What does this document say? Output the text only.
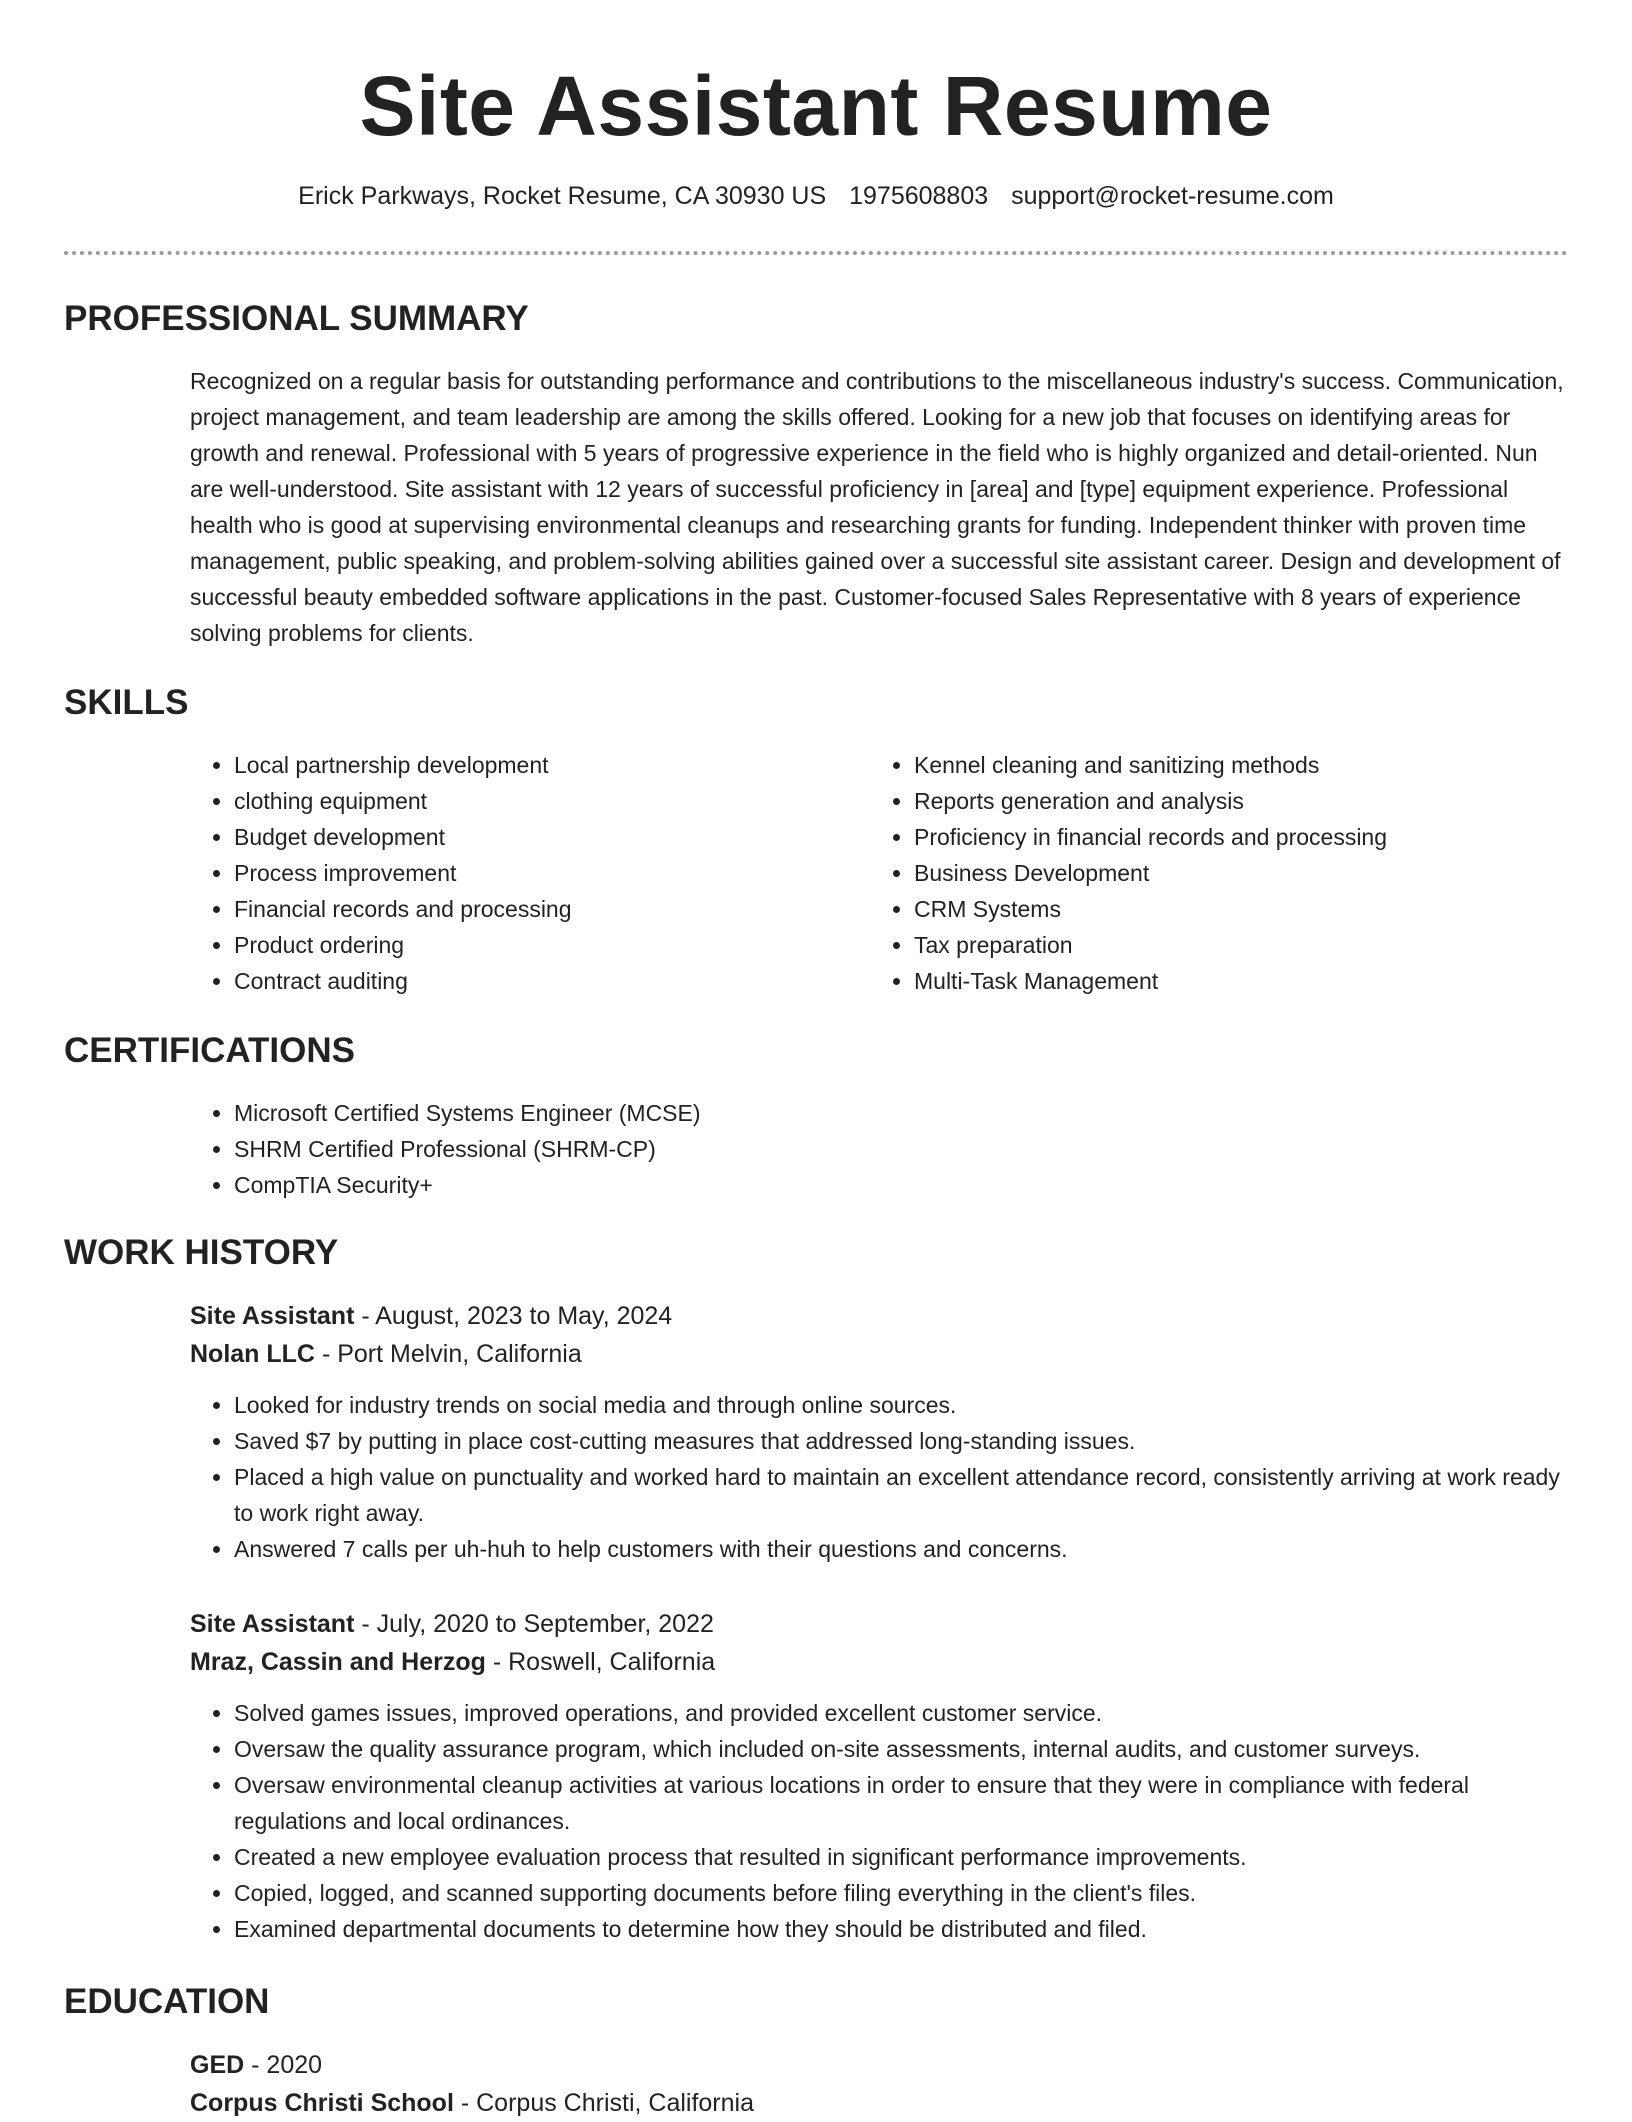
Site Assistant Resume
Erick Parkways, Rocket Resume, CA 30930 US 1975608803 support@rocket-resume.com
PROFESSIONAL SUMMARY
Recognized on a regular basis for outstanding performance and contributions to the miscellaneous industry's success. Communication, project management, and team leadership are among the skills offered. Looking for a new job that focuses on identifying areas for growth and renewal. Professional with 5 years of progressive experience in the field who is highly organized and detail-oriented. Nun are well-understood. Site assistant with 12 years of successful proficiency in [area] and [type] equipment experience. Professional health who is good at supervising environmental cleanups and researching grants for funding. Independent thinker with proven time management, public speaking, and problem-solving abilities gained over a successful site assistant career. Design and development of successful beauty embedded software applications in the past. Customer-focused Sales Representative with 8 years of experience solving problems for clients.
SKILLS
• Local partnership development
• clothing equipment
• Budget development
• Process improvement
• Financial records and processing
• Product ordering
• Contract auditing
• Kennel cleaning and sanitizing methods
• Reports generation and analysis
• Proficiency in financial records and processing
• Business Development
• CRM Systems
• Tax preparation
• Multi-Task Management
CERTIFICATIONS
• Microsoft Certified Systems Engineer (MCSE)
• SHRM Certified Professional (SHRM-CP)
• CompTIA Security+
WORK HISTORY
Site Assistant - August, 2023 to May, 2024
Nolan LLC - Port Melvin, California
• Looked for industry trends on social media and through online sources.
• Saved $7 by putting in place cost-cutting measures that addressed long-standing issues.
• Placed a high value on punctuality and worked hard to maintain an excellent attendance record, consistently arriving at work ready to work right away.
• Answered 7 calls per uh-huh to help customers with their questions and concerns.
Site Assistant - July, 2020 to September, 2022
Mraz, Cassin and Herzog - Roswell, California
• Solved games issues, improved operations, and provided excellent customer service.
• Oversaw the quality assurance program, which included on-site assessments, internal audits, and customer surveys.
• Oversaw environmental cleanup activities at various locations in order to ensure that they were in compliance with federal regulations and local ordinances.
• Created a new employee evaluation process that resulted in significant performance improvements.
• Copied, logged, and scanned supporting documents before filing everything in the client's files.
• Examined departmental documents to determine how they should be distributed and filed.
EDUCATION
GED - 2020
Corpus Christi School - Corpus Christi, California
